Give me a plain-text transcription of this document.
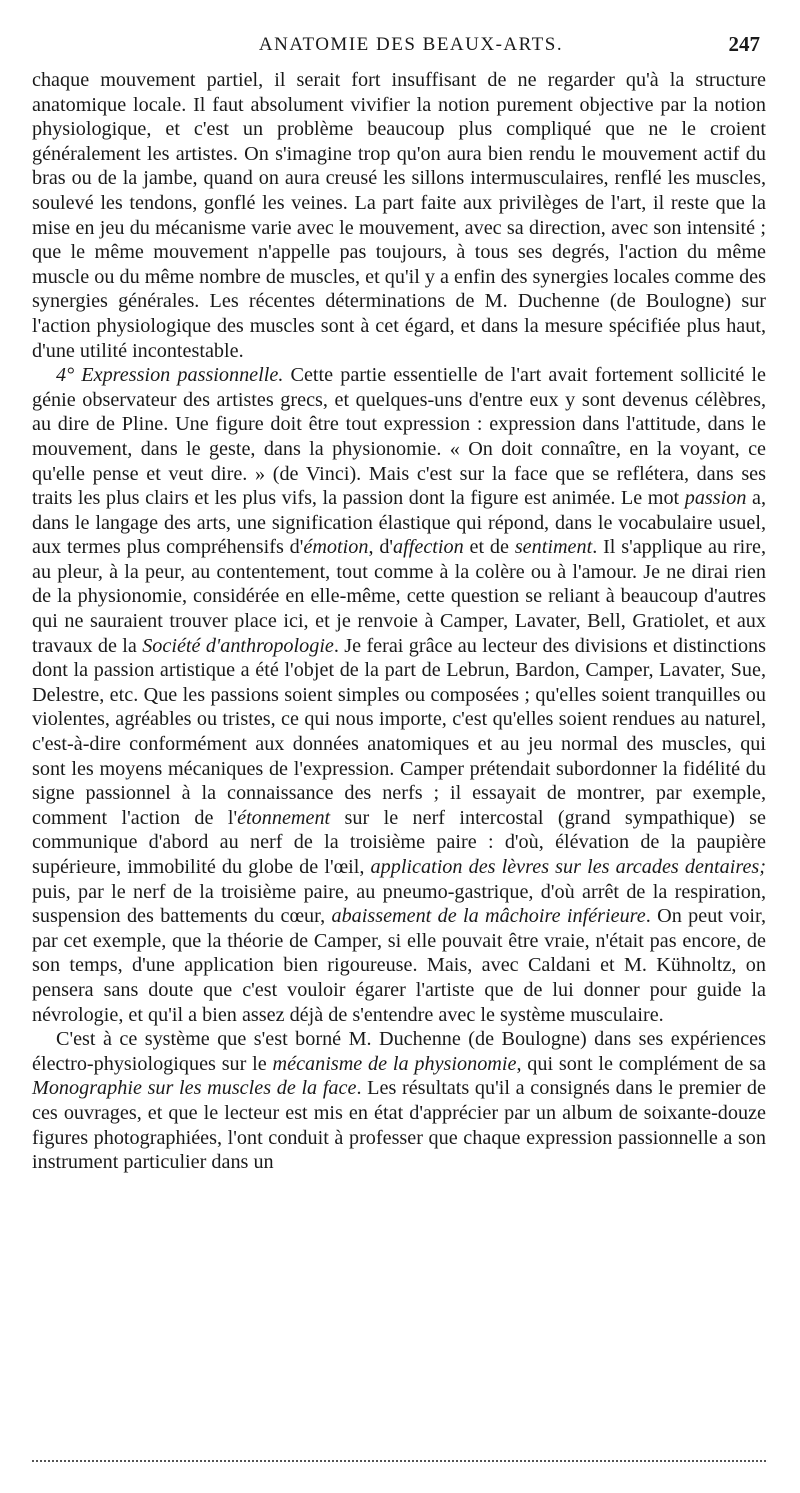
ANATOMIE DES BEAUX-ARTS.	247

chaque mouvement partiel, il serait fort insuffisant de ne regarder qu'à la structure anatomique locale. Il faut absolument vivifier la notion purement objective par la notion physiologique, et c'est un problème beaucoup plus compliqué que ne le croient généralement les artistes. On s'imagine trop qu'on aura bien rendu le mouvement actif du bras ou de la jambe, quand on aura creusé les sillons intermusculaires, renflé les muscles, soulevé les tendons, gonflé les veines. La part faite aux privilèges de l'art, il reste que la mise en jeu du mécanisme varie avec le mouvement, avec sa direction, avec son intensité ; que le même mouvement n'appelle pas toujours, à tous ses degrés, l'action du même muscle ou du même nombre de muscles, et qu'il y a enfin des synergies locales comme des synergies générales. Les récentes déterminations de M. Duchenne (de Boulogne) sur l'action physiologique des muscles sont à cet égard, et dans la mesure spécifiée plus haut, d'une utilité incontestable.

4° Expression passionnelle. Cette partie essentielle de l'art avait fortement sollicité le génie observateur des artistes grecs, et quelques-uns d'entre eux y sont devenus célèbres, au dire de Pline. Une figure doit être tout expression : expression dans l'attitude, dans le mouvement, dans le geste, dans la physionomie. « On doit connaître, en la voyant, ce qu'elle pense et veut dire. » (de Vinci). Mais c'est sur la face que se reflétera, dans ses traits les plus clairs et les plus vifs, la passion dont la figure est animée. Le mot passion a, dans le langage des arts, une signification élastique qui répond, dans le vocabulaire usuel, aux termes plus compréhensifs d'émotion, d'affection et de sentiment. Il s'applique au rire, au pleur, à la peur, au contentement, tout comme à la colère ou à l'amour. Je ne dirai rien de la physionomie, considérée en elle-même, cette question se reliant à beaucoup d'autres qui ne sauraient trouver place ici, et je renvoie à Camper, Lavater, Bell, Gratiolet, et aux travaux de la Société d'anthropologie. Je ferai grâce au lecteur des divisions et distinctions dont la passion artistique a été l'objet de la part de Lebrun, Bardon, Camper, Lavater, Sue, Delestre, etc. Que les passions soient simples ou composées ; qu'elles soient tranquilles ou violentes, agréables ou tristes, ce qui nous importe, c'est qu'elles soient rendues au naturel, c'est-à-dire conformément aux données anatomiques et au jeu normal des muscles, qui sont les moyens mécaniques de l'expression. Camper prétendait subordonner la fidélité du signe passionnel à la connaissance des nerfs ; il essayait de montrer, par exemple, comment l'action de l'étonnement sur le nerf intercostal (grand sympathique) se communique d'abord au nerf de la troisième paire : d'où, élévation de la paupière supérieure, immobilité du globe de l'œil, application des lèvres sur les arcades dentaires; puis, par le nerf de la troisième paire, au pneumo-gastrique, d'où arrêt de la respiration, suspension des battements du cœur, abaissement de la mâchoire inférieure. On peut voir, par cet exemple, que la théorie de Camper, si elle pouvait être vraie, n'était pas encore, de son temps, d'une application bien rigoureuse. Mais, avec Caldani et M. Kühnoltz, on pensera sans doute que c'est vouloir égarer l'artiste que de lui donner pour guide la névrologie, et qu'il a bien assez déjà de s'entendre avec le système musculaire.

C'est à ce système que s'est borné M. Duchenne (de Boulogne) dans ses expériences électro-physiologiques sur le mécanisme de la physionomie, qui sont le complément de sa Monographie sur les muscles de la face. Les résultats qu'il a consignés dans le premier de ces ouvrages, et que le lecteur est mis en état d'apprécier par un album de soixante-douze figures photographiées, l'ont conduit à professer que chaque expression passionnelle a son instrument particulier dans un
